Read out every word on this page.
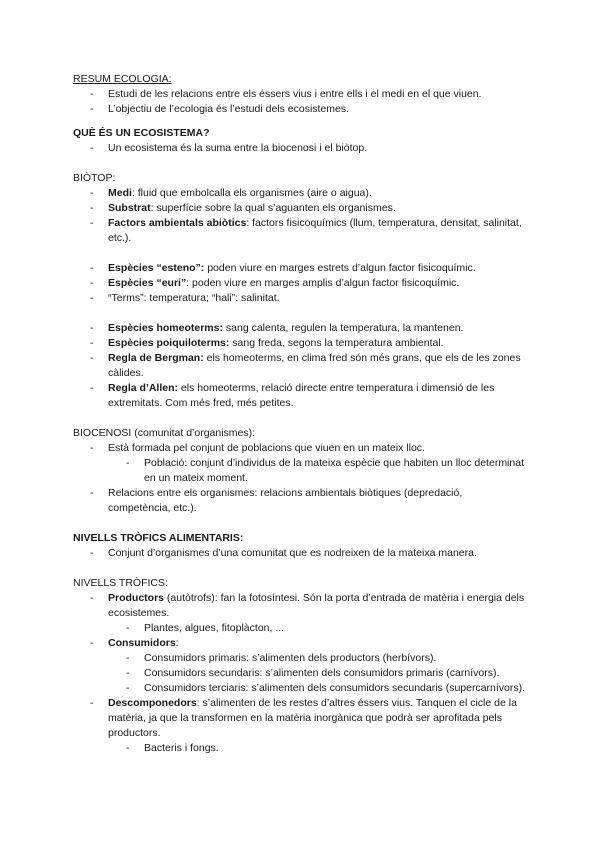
RESUM ECOLOGIA:
- Estudi de les relacions entre els éssers vius i entre ells i el medi en el que viuen.
- L’objectiu de l’ecologia és l’estudi dels ecosistemes.
QUÈ ÉS UN ECOSISTEMA?
- Un ecosistema és la suma entre la biocenosi i el biòtop.
BIÒTOP:
- Medi: fluid que embolcalla els organismes (aire o aigua).
- Substrat: superfície sobre la qual s’aguanten els organismes.
- Factors ambientals abiòtics: factors fisicoquímics (llum, temperatura, densitat, salinitat, etc.).
- Espècies “esteno”: poden viure en marges estrets d’algun factor fisicoquímic.
- Espècies “euri”: poden viure en marges amplis d’algun factor fisicoquímic.
- “Terms”: temperatura; “hali”: salinitat.
- Espècies homeoterms: sang calenta, regulen la temperatura, la mantenen.
- Espècies poiquiloterms: sang freda, segons la temperatura ambiental.
- Regla de Bergman: els homeoterms, en clima fred són més grans, que els de les zones càlides.
- Regla d’Allen: els homeoterms, relació directe entre temperatura i dimensió de les extremitats. Com més fred, més petites.
BIOCENOSI (comunitat d’organismes):
- Està formada pel conjunt de poblacions que viuen en un mateix lloc.
- Població: conjunt d’individus de la mateixa espècie que habiten un lloc determinat en un mateix moment.
- Relacions entre els organismes: relacions ambientals biòtiques (depredació, competència, etc.).
NIVELLS TRÒFICS ALIMENTARIS:
- Conjunt d’organismes d’una comunitat que es nodreixen de la mateixa manera.
NIVELLS TRÒFICS:
- Productors (autòtrofs): fan la fotosíntesi. Són la porta d’entrada de matèria i energia dels ecosistemes.
- Plantes, algues, fitoplàcton, ...
- Consumidors:
- Consumidors primaris: s’alimenten dels productors (herbívors).
- Consumidors secundaris: s’alimenten dels consumidors primaris (carnívors).
- Consumidors terciaris: s’alimenten dels consumidors secundaris (supercarnívors).
- Descomponedors: s’alimenten de les restes d’altres éssers vius. Tanquen el cicle de la matèria, ja que la transformen en la matèria inorgànica que podrà ser aprofitada pels productors.
- Bacteris i fongs.
